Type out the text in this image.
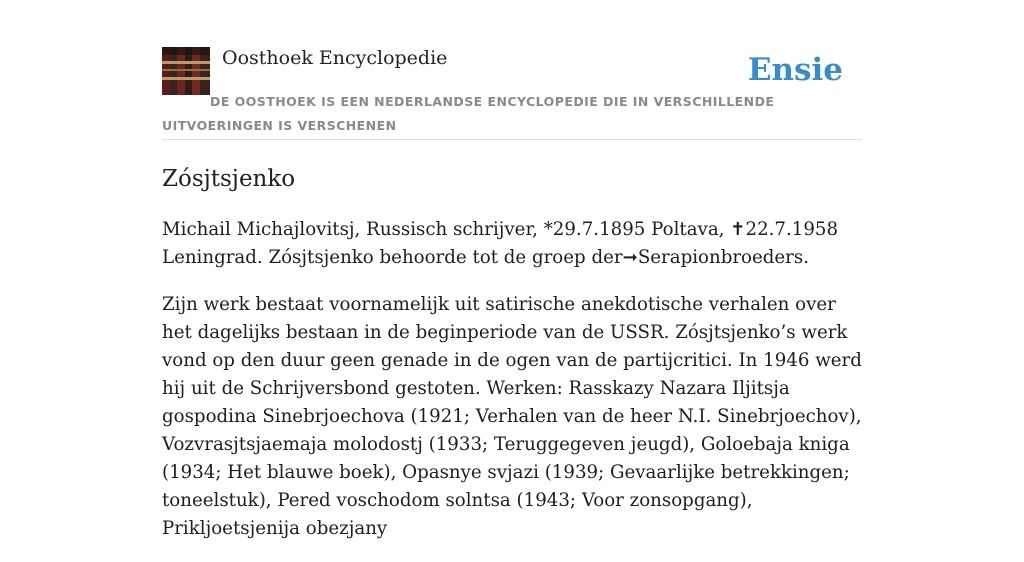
Oosthoek Encyclopedie	Ensie
DE OOSTHOEK IS EEN NEDERLANDSE ENCYCLOPEDIE DIE IN VERSCHILLENDE UITVOERINGEN IS VERSCHENEN
Zósjtsjenko

Michail Michajlovitsj, Russisch schrijver, *29.7.1895 Poltava, ✝22.7.1958 Leningrad. Zósjtsjenko behoorde tot de groep der➞Serapionbroeders.

Zijn werk bestaat voornamelijk uit satirische anekdotische verhalen over het dagelijks bestaan in de beginperiode van de USSR. Zósjtsjenko’s werk vond op den duur geen genade in de ogen van de partijcritici. In 1946 werd hij uit de Schrijversbond gestoten. Werken: Rasskazy Nazara Iljitsja gospodina Sinebrjoechova (1921; Verhalen van de heer N.I. Sinebrjoechov), Vozvrasjtsjaemaja molodostj (1933; Teruggegeven jeugd), Goloebaja kniga (1934; Het blauwe boek), Opasnye svjazi (1939; Gevaarlijke betrekkingen; toneelstuk), Pered voschodom solntsa (1943; Voor zonsopgang), Prikljoetsjenija obezjany
